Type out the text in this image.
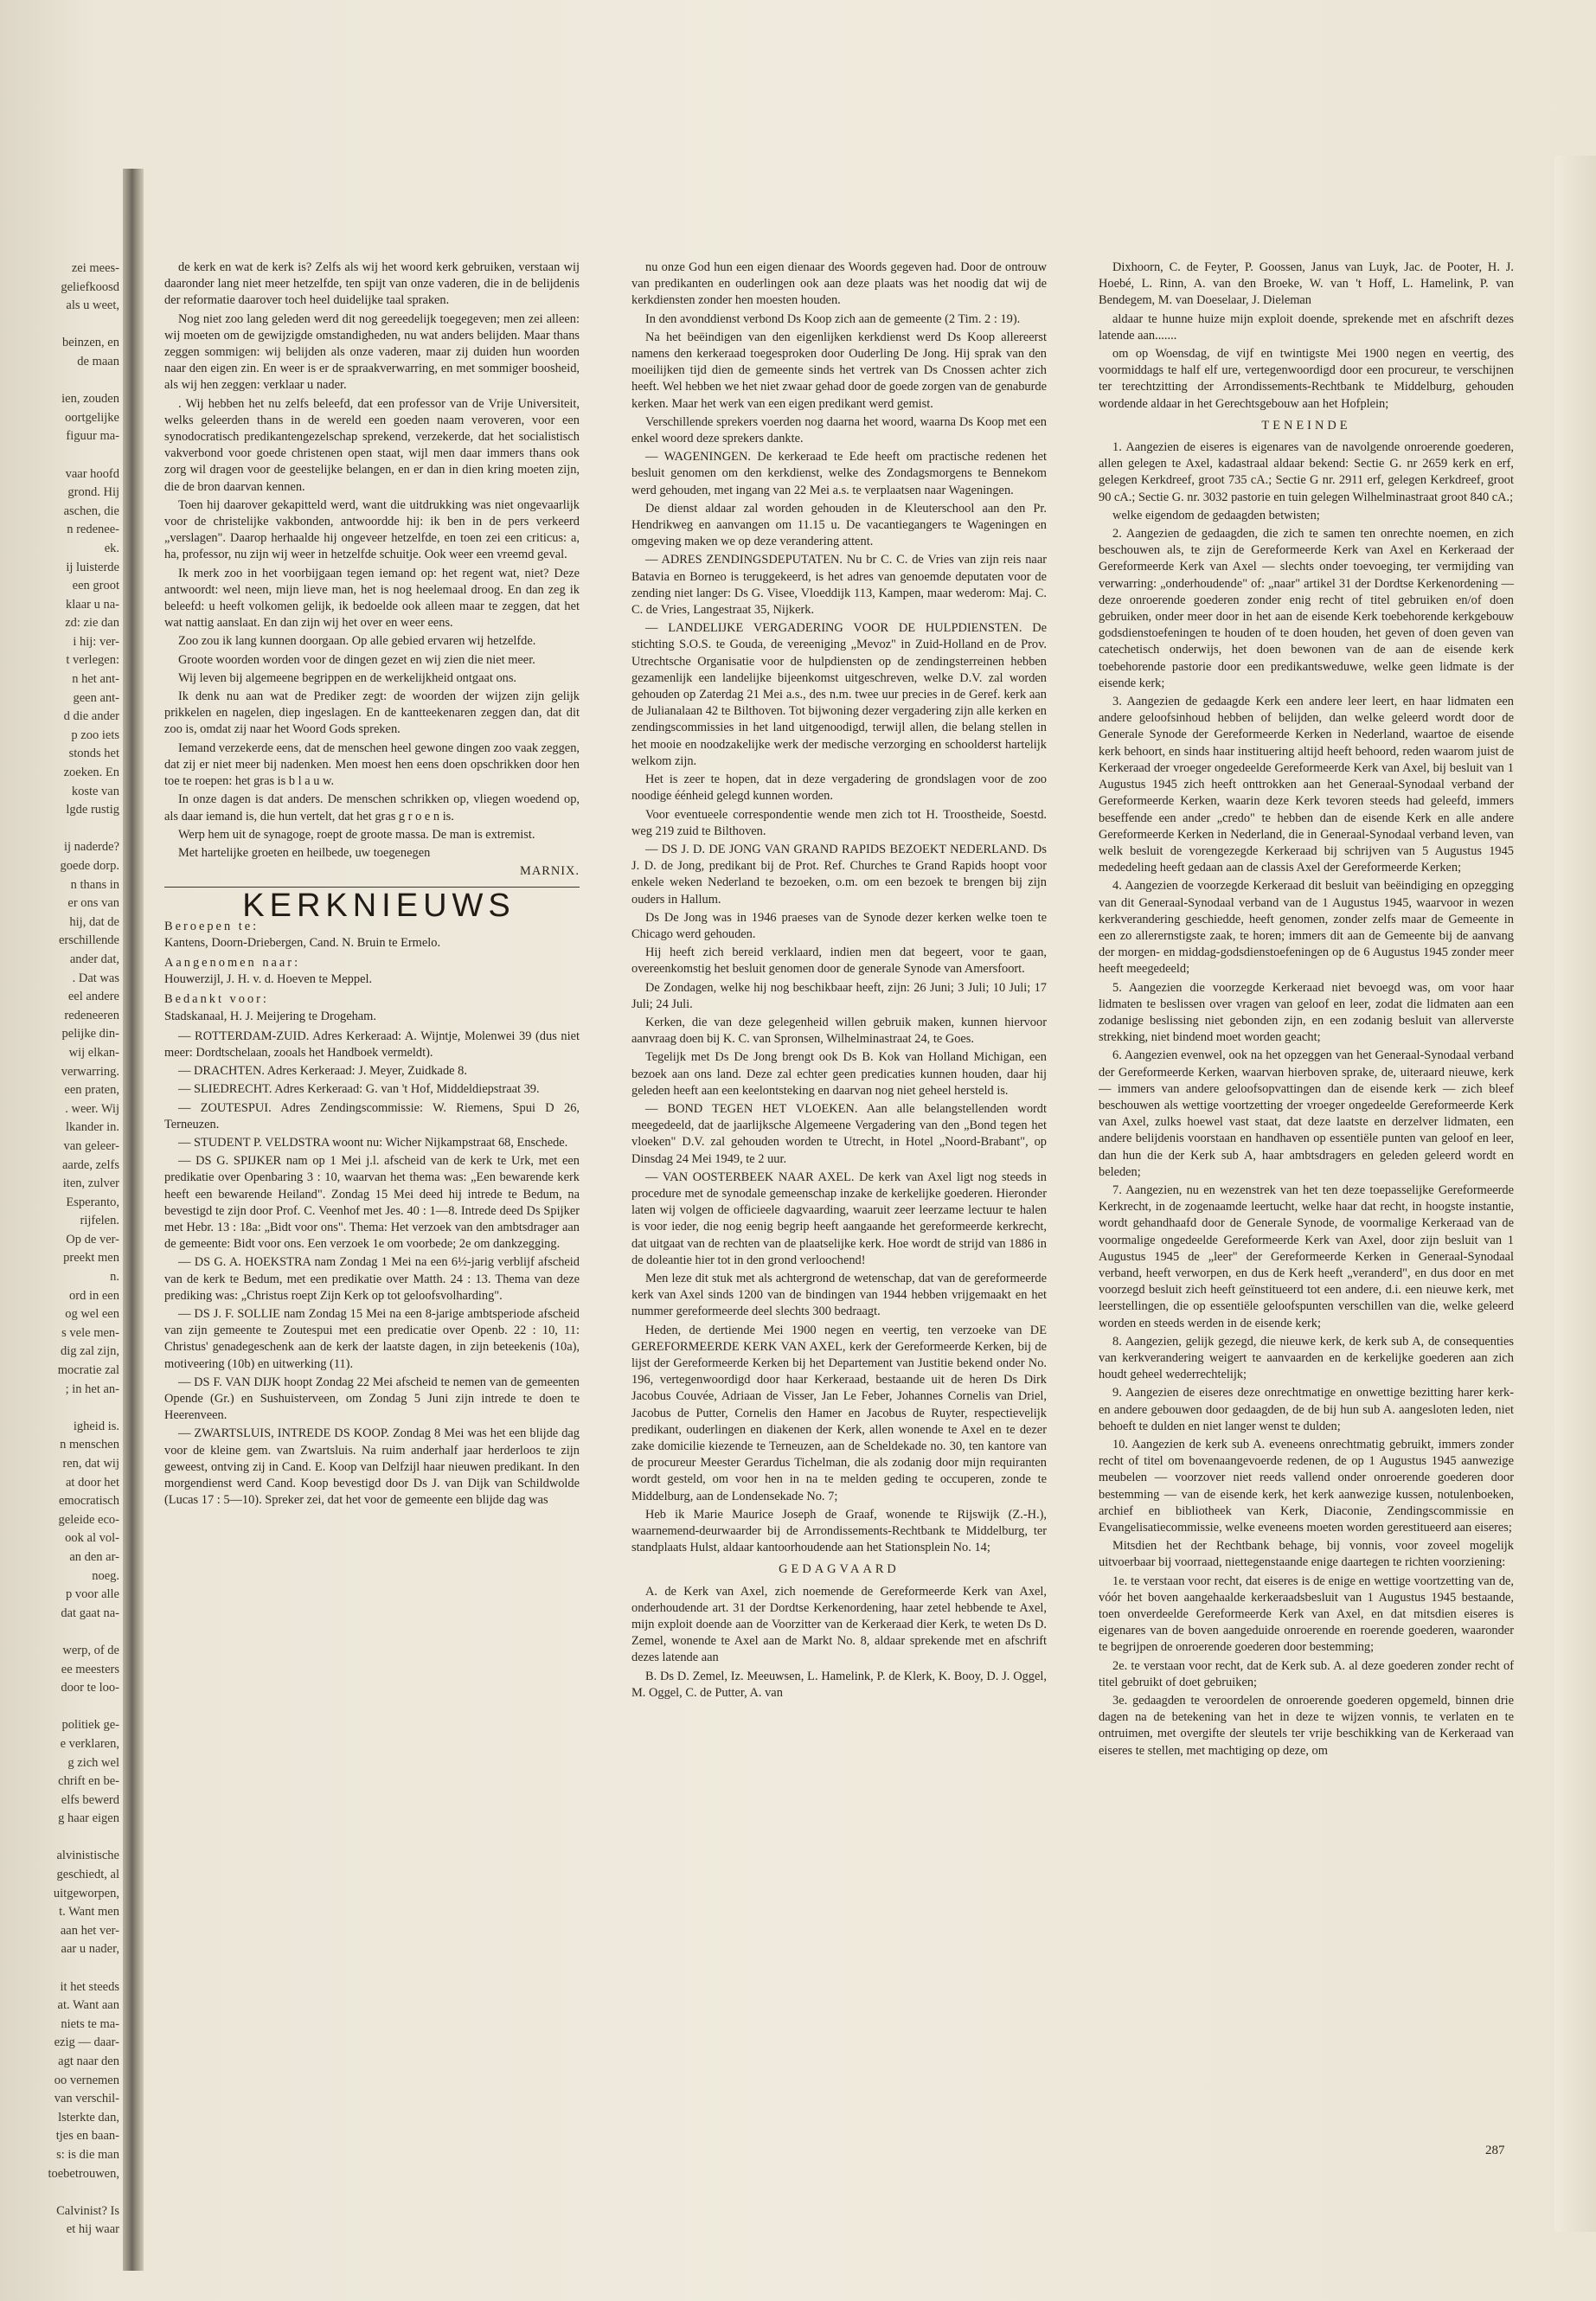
zei mees-

geliefkoosd

als u weet,

beinzen, en

de maan

ien, zouden

oortgelijke

figuur ma-

vaar hoofd

grond. Hij

aschen, die

n redenee-

ek.

ij luisterde

een groot

klaar u na-

zd: zie dan

i hij: ver-

t verlegen:

n het ant-

geen ant-

d die ander

p zoo iets

stonds het

zoeken. En

koste van

lgde rustig

ij naderde?

goede dorp.

n thans in

er ons van

hij, dat de

erschillende

ander dat,

. Dat was

eel andere

redeneeren

pelijke din-

wij elkan-

verwarring.

een praten,

. weer. Wij

lkander in.

van geleer-

aarde, zelfs

iten, zulver

Esperanto,

rijfelen.

Op de ver-

preekt men

n.

ord in een

og wel een

s vele men-

dig zal zijn,

mocratie zal

; in het an-

igheid is.

n menschen

ren, dat wij

at door het

emocratisch

geleide eco-

ook al vol-

an den ar-

noeg.

p voor alle

dat gaat na-

werp, of de

ee meesters

door te loo-

politiek ge-

e verklaren,

g zich wel

chrift en be-

elfs bewerd

g haar eigen

alvinistische

geschiedt, al

uitgeworpen,

t. Want men

aan het ver-

aar u nader,

it het steeds

at. Want aan

niets te ma-

ezig — daar-

agt naar den

oo vernemen

van verschil-

lsterkte dan,

tjes en baan-

s: is die man

toebetrouwen,

Calvinist? Is

et hij waar

de kerk en wat de kerk is? Zelfs als wij het woord kerk gebruiken, verstaan wij daaronder lang niet meer hetzelfde, ten spijt van onze vaderen, die in de belijdenis der reformatie daarover toch heel duidelijke taal spraken.

Nog niet zoo lang geleden werd dit nog gereedelijk toegegeven; men zei alleen: wij moeten om de gewijzigde omstandigheden, nu wat anders belijden. Maar thans zeggen sommigen: wij belijden als onze vaderen, maar zij duiden hun woorden naar den eigen zin. En weer is er de spraakverwarring, en met sommiger boosheid, als wij hen zeggen: verklaar u nader.

. Wij hebben het nu zelfs beleefd, dat een professor van de Vrije Universiteit, welks geleerden thans in de wereld een goeden naam veroveren, voor een synodocratisch predikantengezelschap sprekend, verzekerde, dat het socialistisch vakverbond voor goede christenen open staat, wijl men daar immers thans ook zorg wil dragen voor de geestelijke belangen, en er dan in dien kring moeten zijn, die de bron daarvan kennen.

Toen hij daarover gekapitteld werd, want die uitdrukking was niet ongevaarlijk voor de christelijke vakbonden, antwoordde hij: ik ben in de pers verkeerd „verslagen". Daarop herhaalde hij ongeveer hetzelfde, en toen zei een criticus: a, ha, professor, nu zijn wij weer in hetzelfde schuitje. Ook weer een vreemd geval.

Ik merk zoo in het voorbijgaan tegen iemand op: het regent wat, niet? Deze antwoordt: wel neen, mijn lieve man, het is nog heelemaal droog. En dan zeg ik beleefd: u heeft volkomen gelijk, ik bedoelde ook alleen maar te zeggen, dat het wat nattig aanslaat. En dan zijn wij het over en weer eens.

Zoo zou ik lang kunnen doorgaan. Op alle gebied ervaren wij hetzelfde.

Groote woorden worden voor de dingen gezet en wij zien die niet meer.

Wij leven bij algemeene begrippen en de werkelijkheid ontgaat ons.

Ik denk nu aan wat de Prediker zegt: de woorden der wijzen zijn gelijk prikkelen en nagelen, diep ingeslagen. En de kantteekenaren zeggen dan, dat dit zoo is, omdat zij naar het Woord Gods spreken.

Iemand verzekerde eens, dat de menschen heel gewone dingen zoo vaak zeggen, dat zij er niet meer bij nadenken. Men moest hen eens doen opschrikken door hen toe te roepen: het gras is b l a u w.

In onze dagen is dat anders. De menschen schrikken op, vliegen woedend op, als daar iemand is, die hun vertelt, dat het gras g r o e n is.

Werp hem uit de synagoge, roept de groote massa. De man is extremist.

Met hartelijke groeten en heilbede, uw toegenegen

MARNIX.

KERKNIEUWS

Beroepen te:

Kantens, Doorn-Driebergen, Cand. N. Bruin te Ermelo.

Aangenomen naar:

Houwerzijl, J. H. v. d. Hoeven te Meppel.

Bedankt voor:

Stadskanaal, H. J. Meijering te Drogeham.

— ROTTERDAM-ZUID. Adres Kerkeraad: A. Wijntje, Molenwei 39 (dus niet meer: Dordtschelaan, zooals het Handboek vermeldt).

— DRACHTEN. Adres Kerkeraad: J. Meyer, Zuidkade 8.

— SLIEDRECHT. Adres Kerkeraad: G. van 't Hof, Middeldiepstraat 39.

— ZOUTESPUI. Adres Zendingscommissie: W. Riemens, Spui D 26, Terneuzen.

— STUDENT P. VELDSTRA woont nu: Wicher Nijkampstraat 68, Enschede.

— DS G. SPIJKER nam op 1 Mei j.l. afscheid van de kerk te Urk, met een predikatie over Openbaring 3 : 10, waarvan het thema was: „Een bewarende kerk heeft een bewarende Heiland". Zondag 15 Mei deed hij intrede te Bedum, na bevestigd te zijn door Prof. C. Veenhof met Jes. 40 : 1—8. Intrede deed Ds Spijker met Hebr. 13 : 18a: „Bidt voor ons". Thema: Het verzoek van den ambtsdrager aan de gemeente: Bidt voor ons. Een verzoek 1e om voorbede; 2e om dankzegging.

— DS G. A. HOEKSTRA nam Zondag 1 Mei na een 6½-jarig verblijf afscheid van de kerk te Bedum, met een predikatie over Matth. 24 : 13. Thema van deze prediking was: „Christus roept Zijn Kerk op tot geloofsvolharding".

— DS J. F. SOLLIE nam Zondag 15 Mei na een 8-jarige ambtsperiode afscheid van zijn gemeente te Zoutespui met een predicatie over Openb. 22 : 10, 11: Christus' genadegeschenk aan de kerk der laatste dagen, in zijn beteekenis (10a), motiveering (10b) en uitwerking (11).

— DS F. VAN DIJK hoopt Zondag 22 Mei afscheid te nemen van de gemeenten Opende (Gr.) en Sushuisterveen, om Zondag 5 Juni zijn intrede te doen te Heerenveen.

— ZWARTSLUIS, INTREDE DS KOOP. Zondag 8 Mei was het een blijde dag voor de kleine gem. van Zwartsluis. Na ruim anderhalf jaar herderloos te zijn geweest, ontving zij in Cand. E. Koop van Delfzijl haar nieuwen predikant. In den morgendienst werd Cand. Koop bevestigd door Ds J. van Dijk van Schildwolde (Lucas 17 : 5—10). Spreker zei, dat het voor de gemeente een blijde dag was

nu onze God hun een eigen dienaar des Woords gegeven had. Door de ontrouw van predikanten en ouderlingen ook aan deze plaats was het noodig dat wij de kerkdiensten zonder hen moesten houden.

In den avonddienst verbond Ds Koop zich aan de gemeente (2 Tim. 2 : 19).

Na het beëindigen van den eigenlijken kerkdienst werd Ds Koop allereerst namens den kerkeraad toegesproken door Ouderling De Jong. Hij sprak van den moeilijken tijd dien de gemeente sinds het vertrek van Ds Cnossen achter zich heeft. Wel hebben we het niet zwaar gehad door de goede zorgen van de genaburde kerken. Maar het werk van een eigen predikant werd gemist.

Verschillende sprekers voerden nog daarna het woord, waarna Ds Koop met een enkel woord deze sprekers dankte.

— WAGENINGEN. De kerkeraad te Ede heeft om practische redenen het besluit genomen om den kerkdienst, welke des Zondagsmorgens te Bennekom werd gehouden, met ingang van 22 Mei a.s. te verplaatsen naar Wageningen.

De dienst aldaar zal worden gehouden in de Kleuterschool aan den Pr. Hendrikweg en aanvangen om 11.15 u. De vacantiegangers te Wageningen en omgeving maken we op deze verandering attent.

— ADRES ZENDINGSDEPUTATEN. Nu br C. C. de Vries van zijn reis naar Batavia en Borneo is teruggekeerd, is het adres van genoemde deputaten voor de zending niet langer: Ds G. Visee, Vloeddijk 113, Kampen, maar wederom: Maj. C. C. de Vries, Langestraat 35, Nijkerk.

— LANDELIJKE VERGADERING VOOR DE HULPDIENSTEN. De stichting S.O.S. te Gouda, de vereeniging „Mevoz" in Zuid-Holland en de Prov. Utrechtsche Organisatie voor de hulpdiensten op de zendingsterreinen hebben gezamenlijk een landelijke bijeenkomst uitgeschreven, welke D.V. zal worden gehouden op Zaterdag 21 Mei a.s., des n.m. twee uur precies in de Geref. kerk aan de Julianalaan 42 te Bilthoven. Tot bijwoning dezer vergadering zijn alle kerken en zendingscommissies in het land uitgenoodigd, terwijl allen, die belang stellen in het mooie en noodzakelijke werk der medische verzorging en schoolderst hartelijk welkom zijn.

Het is zeer te hopen, dat in deze vergadering de grondslagen voor de zoo noodige éénheid gelegd kunnen worden.

Voor eventueele correspondentie wende men zich tot H. Troostheide, Soestd. weg 219 zuid te Bilthoven.

— DS J. D. DE JONG VAN GRAND RAPIDS BEZOEKT NEDERLAND. Ds J. D. de Jong, predikant bij de Prot. Ref. Churches te Grand Rapids hoopt voor enkele weken Nederland te bezoeken, o.m. om een bezoek te brengen bij zijn ouders in Hallum.

Ds De Jong was in 1946 praeses van de Synode dezer kerken welke toen te Chicago werd gehouden.

Hij heeft zich bereid verklaard, indien men dat begeert, voor te gaan, overeenkomstig het besluit genomen door de generale Synode van Amersfoort.

De Zondagen, welke hij nog beschikbaar heeft, zijn: 26 Juni; 3 Juli; 10 Juli; 17 Juli; 24 Juli.

Kerken, die van deze gelegenheid willen gebruik maken, kunnen hiervoor aanvraag doen bij K. C. van Spronsen, Wilhelminastraat 24, te Goes.

Tegelijk met Ds De Jong brengt ook Ds B. Kok van Holland Michigan, een bezoek aan ons land. Deze zal echter geen predicaties kunnen houden, daar hij geleden heeft aan een keelontsteking en daarvan nog niet geheel hersteld is.

— BOND TEGEN HET VLOEKEN. Aan alle belangstellenden wordt meegedeeld, dat de jaarlijksche Algemeene Vergadering van den „Bond tegen het vloeken" D.V. zal gehouden worden te Utrecht, in Hotel „Noord-Brabant", op Dinsdag 24 Mei 1949, te 2 uur.

— VAN OOSTERBEEK NAAR AXEL. De kerk van Axel ligt nog steeds in procedure met de synodale gemeenschap inzake de kerkelijke goederen. Hieronder laten wij volgen de officieele dagvaarding, waaruit zeer leerzame lectuur te halen is voor ieder, die nog eenig begrip heeft aangaande het gereformeerde kerkrecht, dat uitgaat van de rechten van de plaatselijke kerk. Hoe wordt de strijd van 1886 in de doleantie hier tot in den grond verloochend!

Men leze dit stuk met als achtergrond de wetenschap, dat van de gereformeerde kerk van Axel sinds 1200 van de bindingen van 1944 hebben vrijgemaakt en het nummer gereformeerde deel slechts 300 bedraagt.

Heden, de dertiende Mei 1900 negen en veertig, ten verzoeke van DE GEREFORMEERDE KERK VAN AXEL, kerk der Gereformeerde Kerken, bij de lijst der Gereformeerde Kerken bij het Departement van Justitie bekend onder No. 196, vertegenwoordigd door haar Kerkeraad, bestaande uit de heren Ds Dirk Jacobus Couvée, Adriaan de Visser, Jan Le Feber, Johannes Cornelis van Driel, Jacobus de Putter, Cornelis den Hamer en Jacobus de Ruyter, respectievelijk predikant, ouderlingen en diakenen der Kerk, allen wonende te Axel en te dezer zake domicilie kiezende te Terneuzen, aan de Scheldekade no. 30, ten kantore van de procureur Meester Gerardus Tichelman, die als zodanig door mijn requiranten wordt gesteld, om voor hen in na te melden geding te occuperen, zonde te Middelburg, aan de Londensekade No. 7;

Heb ik Marie Maurice Joseph de Graaf, wonende te Rijswijk (Z.-H.), waarnemend-deurwaarder bij de Arrondissements-Rechtbank te Middelburg, ter standplaats Hulst, aldaar kantoorhoudende aan het Stationsplein No. 14;

GEDAGVAARD

A. de Kerk van Axel, zich noemende de Gereformeerde Kerk van Axel, onderhoudende art. 31 der Dordtse Kerkenordening, haar zetel hebbende te Axel, mijn exploit doende aan de Voorzitter van de Kerkeraad dier Kerk, te weten Ds D. Zemel, wonende te Axel aan de Markt No. 8, aldaar sprekende met en afschrift dezes latende aan

B. Ds D. Zemel, Iz. Meeuwsen, L. Hamelink, P. de Klerk, K. Booy, D. J. Oggel, M. Oggel, C. de Putter, A. van

Dixhoorn, C. de Feyter, P. Goossen, Janus van Luyk, Jac. de Pooter, H. J. Hoebé, L. Rinn, A. van den Broeke, W. van 't Hoff, L. Hamelink, P. van Bendegem, M. van Doeselaar, J. Dieleman

aldaar te hunne huize mijn exploit doende, sprekende met en afschrift dezes latende aan.......

om op Woensdag, de vijf en twintigste Mei 1900 negen en veertig, des voormiddags te half elf ure, vertegenwoordigd door een procureur, te verschijnen ter terechtzitting der Arrondissements-Rechtbank te Middelburg, gehouden wordende aldaar in het Gerechtsgebouw aan het Hofplein;

TENEINDE

1. Aangezien de eiseres is eigenares van de navolgende onroerende goederen, allen gelegen te Axel, kadastraal aldaar bekend: Sectie G. nr 2659 kerk en erf, gelegen Kerkdreef, groot 735 cA.; Sectie G nr. 2911 erf, gelegen Kerkdreef, groot 90 cA.; Sectie G. nr. 3032 pastorie en tuin gelegen Wilhelminastraat groot 840 cA.;

welke eigendom de gedaagden betwisten;

2. Aangezien de gedaagden, die zich te samen ten onrechte noemen, en zich beschouwen als, te zijn de Gereformeerde Kerk van Axel en Kerkeraad der Gereformeerde Kerk van Axel — slechts onder toevoeging, ter vermijding van verwarring: „onderhoudende" of: „naar" artikel 31 der Dordtse Kerkenordening — deze onroerende goederen zonder enig recht of titel gebruiken en/of doen gebruiken, onder meer door in het aan de eisende Kerk toebehorende kerkgebouw godsdienstoefeningen te houden of te doen houden, het geven of doen geven van catechetisch onderwijs, het doen bewonen van de aan de eisende kerk toebehorende pastorie door een predikantsweduwe, welke geen lidmate is der eisende kerk;

3. Aangezien de gedaagde Kerk een andere leer leert, en haar lidmaten een andere geloofsinhoud hebben of belijden, dan welke geleerd wordt door de Generale Synode der Gereformeerde Kerken in Nederland, waartoe de eisende kerk behoort, en sinds haar instituering altijd heeft behoord, reden waarom juist de Kerkeraad der vroeger ongedeelde Gereformeerde Kerk van Axel, bij besluit van 1 Augustus 1945 zich heeft onttrokken aan het Generaal-Synodaal verband der Gereformeerde Kerken, waarin deze Kerk tevoren steeds had geleefd, immers beseffende een ander „credo" te hebben dan de eisende Kerk en alle andere Gereformeerde Kerken in Nederland, die in Generaal-Synodaal verband leven, van welk besluit de vorengezegde Kerkeraad bij schrijven van 5 Augustus 1945 mededeling heeft gedaan aan de classis Axel der Gereformeerde Kerken;

4. Aangezien de voorzegde Kerkeraad dit besluit van beëindiging en opzegging van dit Generaal-Synodaal verband van de 1 Augustus 1945, waarvoor in wezen kerkverandering geschiedde, heeft genomen, zonder zelfs maar de Gemeente in een zo allerernstigste zaak, te horen; immers dit aan de Gemeente bij de aanvang der morgen- en middag-godsdienstoefeningen op de 6 Augustus 1945 zonder meer heeft meegedeeld;

5. Aangezien die voorzegde Kerkeraad niet bevoegd was, om voor haar lidmaten te beslissen over vragen van geloof en leer, zodat die lidmaten aan een zodanige beslissing niet gebonden zijn, en een zodanig besluit van allerverste strekking, niet bindend moet worden geacht;

6. Aangezien evenwel, ook na het opzeggen van het Generaal-Synodaal verband der Gereformeerde Kerken, waarvan hierboven sprake, de, uiteraard nieuwe, kerk — immers van andere geloofsopvattingen dan de eisende kerk — zich bleef beschouwen als wettige voortzetting der vroeger ongedeelde Gereformeerde Kerk van Axel, zulks hoewel vast staat, dat deze laatste en derzelver lidmaten, een andere belijdenis voorstaan en handhaven op essentiële punten van geloof en leer, dan hun die der Kerk sub A, haar ambtsdragers en geleden geleerd wordt en beleden;

7. Aangezien, nu en wezenstrek van het ten deze toepasselijke Gereformeerde Kerkrecht, in de zogenaamde leertucht, welke haar dat recht, in hoogste instantie, wordt gehandhaafd door de Generale Synode, de voormalige Kerkeraad van de voormalige ongedeelde Gereformeerde Kerk van Axel, door zijn besluit van 1 Augustus 1945 de „leer" der Gereformeerde Kerken in Generaal-Synodaal verband, heeft verworpen, en dus de Kerk heeft „veranderd", en dus door en met voorzegd besluit zich heeft geïnstitueerd tot een andere, d.i. een nieuwe kerk, met leerstellingen, die op essentiële geloofspunten verschillen van die, welke geleerd worden en steeds werden in de eisende kerk;

8. Aangezien, gelijk gezegd, die nieuwe kerk, de kerk sub A, de consequenties van kerkverandering weigert te aanvaarden en de kerkelijke goederen aan zich houdt geheel wederrechtelijk;

9. Aangezien de eiseres deze onrechtmatige en onwettige bezitting harer kerk- en andere gebouwen door gedaagden, de de bij hun sub A. aangesloten leden, niet behoeft te dulden en niet langer wenst te dulden;

10. Aangezien de kerk sub A. eveneens onrechtmatig gebruikt, immers zonder recht of titel om bovenaangevoerde redenen, de op 1 Augustus 1945 aanwezige meubelen — voorzover niet reeds vallend onder onroerende goederen door bestemming — van de eisende kerk, het kerk aanwezige kussen, notulenboeken, archief en bibliotheek van Kerk, Diaconie, Zendingscommissie en Evangelisatiecommissie, welke eveneens moeten worden gerestitueerd aan eiseres;

Mitsdien het der Rechtbank behage, bij vonnis, voor zoveel mogelijk uitvoerbaar bij voorraad, niettegenstaande enige daartegen te richten voorziening:

1e. te verstaan voor recht, dat eiseres is de enige en wettige voortzetting van de, vóór het boven aangehaalde kerkeraadsbesluit van 1 Augustus 1945 bestaande, toen onverdeelde Gereformeerde Kerk van Axel, en dat mitsdien eiseres is eigenares van de boven aangeduide onroerende en roerende goederen, waaronder te begrijpen de onroerende goederen door bestemming;

2e. te verstaan voor recht, dat de Kerk sub. A. al deze goederen zonder recht of titel gebruikt of doet gebruiken;

3e. gedaagden te veroordelen de onroerende goederen opgemeld, binnen drie dagen na de betekening van het in deze te wijzen vonnis, te verlaten en te ontruimen, met overgifte der sleutels ter vrije beschikking van de Kerkeraad van eiseres te stellen, met machtiging op deze, om

287
